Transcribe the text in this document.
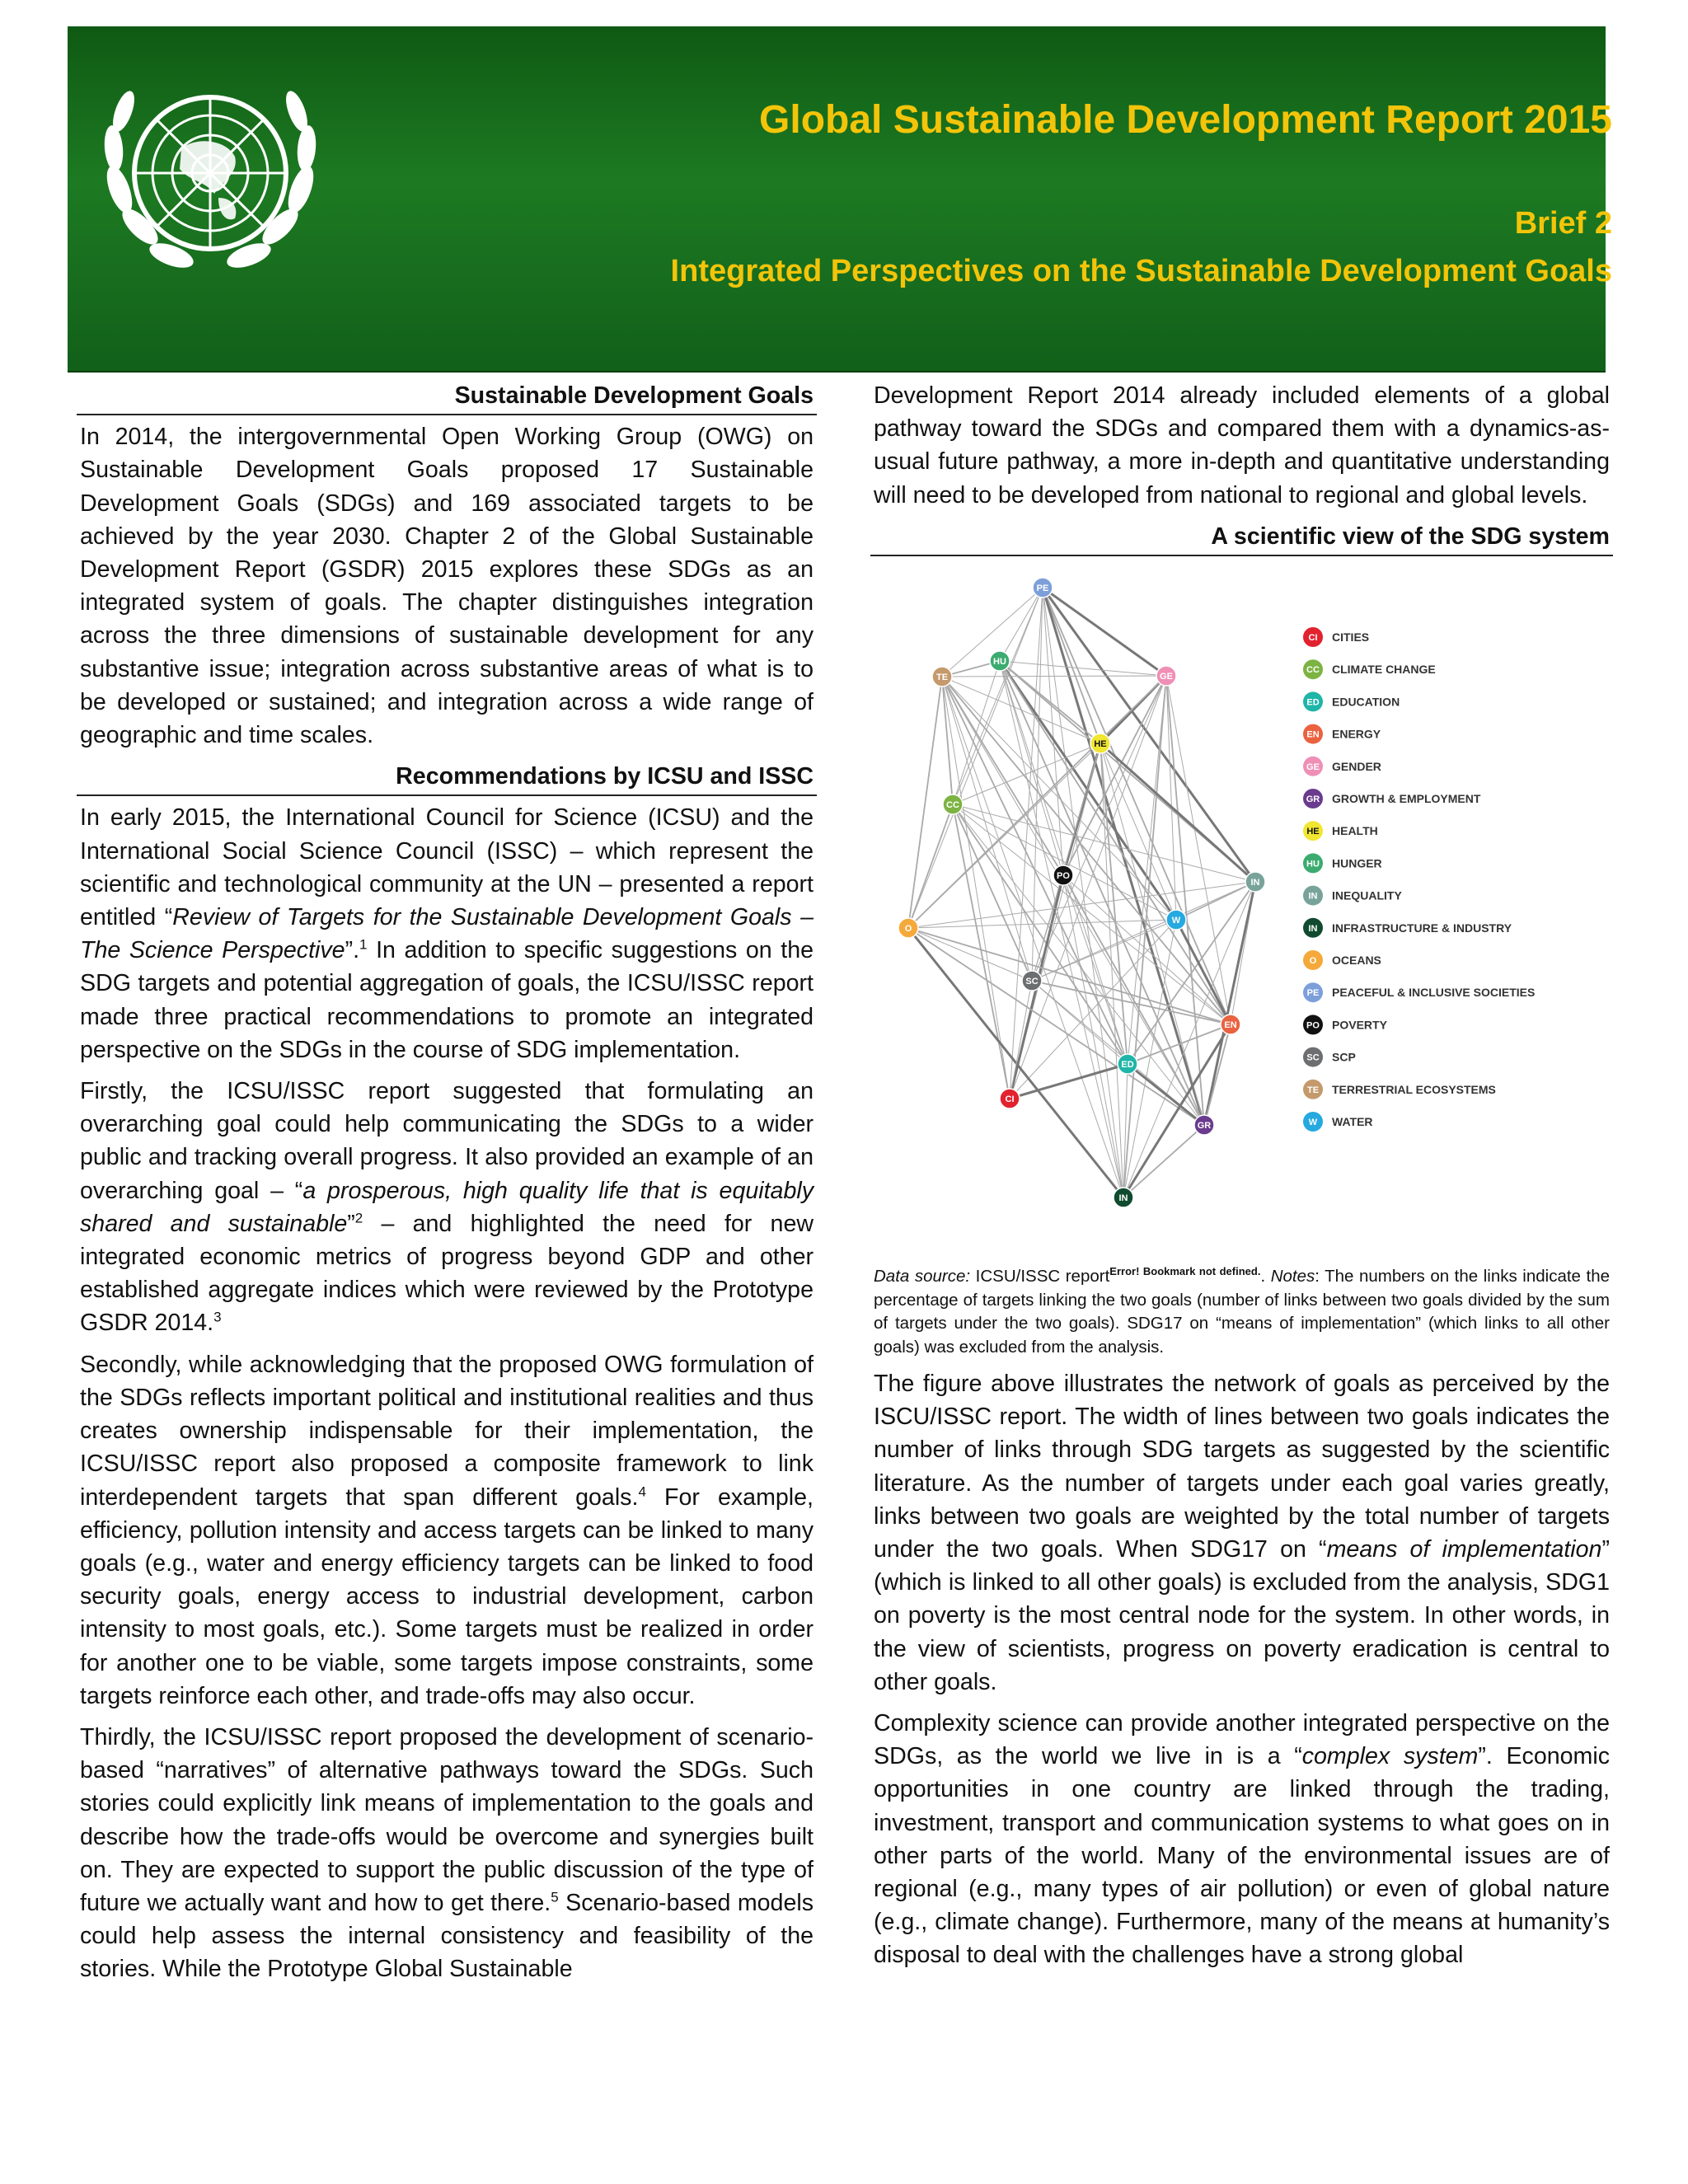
Global Sustainable Development Report 2015
Brief 2
Integrated Perspectives on the Sustainable Development Goals
Sustainable Development Goals

In 2014, the intergovernmental Open Working Group (OWG) on Sustainable Development Goals proposed 17 Sustainable Development Goals (SDGs) and 169 associated targets to be achieved by the year 2030. Chapter 2 of the Global Sustainable Development Report (GSDR) 2015 explores these SDGs as an integrated system of goals. The chapter distinguishes integration across the three dimensions of sustainable development for any substantive issue; integration across substantive areas of what is to be developed or sustained; and integration across a wide range of geographic and time scales.

Recommendations by ICSU and ISSC

In early 2015, the International Council for Science (ICSU) and the International Social Science Council (ISSC) – which represent the scientific and technological community at the UN – presented a report entitled “Review of Targets for the Sustainable Development Goals – The Science Perspective”.$^1$ In addition to specific suggestions on the SDG targets and potential aggregation of goals, the ICSU/ISSC report made three practical recommendations to promote an integrated perspective on the SDGs in the course of SDG implementation.

Firstly, the ICSU/ISSC report suggested that formulating an overarching goal could help communicating the SDGs to a wider public and tracking overall progress. It also provided an example of an overarching goal – “a prosperous, high quality life that is equitably shared and sustainable”$^2$ – and highlighted the need for new integrated economic metrics of progress beyond GDP and other established aggregate indices which were reviewed by the Prototype GSDR 2014.$^3$

Secondly, while acknowledging that the proposed OWG formulation of the SDGs reflects important political and institutional realities and thus creates ownership indispensable for their implementation, the ICSU/ISSC report also proposed a composite framework to link interdependent targets that span different goals.$^4$ For example, efficiency, pollution intensity and access targets can be linked to many goals (e.g., water and energy efficiency targets can be linked to food security goals, energy access to industrial development, carbon intensity to most goals, etc.). Some targets must be realized in order for another one to be viable, some targets impose constraints, some targets reinforce each other, and trade-offs may also occur.

Thirdly, the ICSU/ISSC report proposed the development of scenario-based “narratives” of alternative pathways toward the SDGs. Such stories could explicitly link means of implementation to the goals and describe how the trade-offs would be overcome and synergies built on. They are expected to support the public discussion of the type of future we actually want and how to get there.$^5$ Scenario-based models could help assess the internal consistency and feasibility of the stories. While the Prototype Global Sustainable

Development Report 2014 already included elements of a global pathway toward the SDGs and compared them with a dynamics-as-usual future pathway, a more in-depth and quantitative understanding will need to be developed from national to regional and global levels.

A scientific view of the SDG system
PE
HU
TE	GE
HE
CC
PO
IN
W
O
SC
EN
ED
CI
GR
IN
CI CITIES
CC CLIMATE CHANGE
ED EDUCATION
EN ENERGY
GE GENDER
GR GROWTH & EMPLOYMENT
HE HEALTH
HU HUNGER
IN INEQUALITY
IN INFRASTRUCTURE & INDUSTRY
O OCEANS
PE PEACEFUL & INCLUSIVE SOCIETIES
PO POVERTY
SC SCP
TE TERRESTRIAL ECOSYSTEMS
W WATER

Data source: ICSU/ISSC report$^{Error! Bookmark not defined.}$. Notes: The numbers on the links indicate the percentage of targets linking the two goals (number of links between two goals divided by the sum of targets under the two goals). SDG17 on “means of implementation” (which links to all other goals) was excluded from the analysis.

The figure above illustrates the network of goals as perceived by the ISCU/ISSC report. The width of lines between two goals indicates the number of links through SDG targets as suggested by the scientific literature. As the number of targets under each goal varies greatly, links between two goals are weighted by the total number of targets under the two goals. When SDG17 on “means of implementation” (which is linked to all other goals) is excluded from the analysis, SDG1 on poverty is the most central node for the system. In other words, in the view of scientists, progress on poverty eradication is central to other goals.

Complexity science can provide another integrated perspective on the SDGs, as the world we live in is a “complex system”. Economic opportunities in one country are linked through the trading, investment, transport and communication systems to what goes on in other parts of the world. Many of the environmental issues are of regional (e.g., many types of air pollution) or even of global nature (e.g., climate change). Furthermore, many of the means at humanity’s disposal to deal with the challenges have a strong global
